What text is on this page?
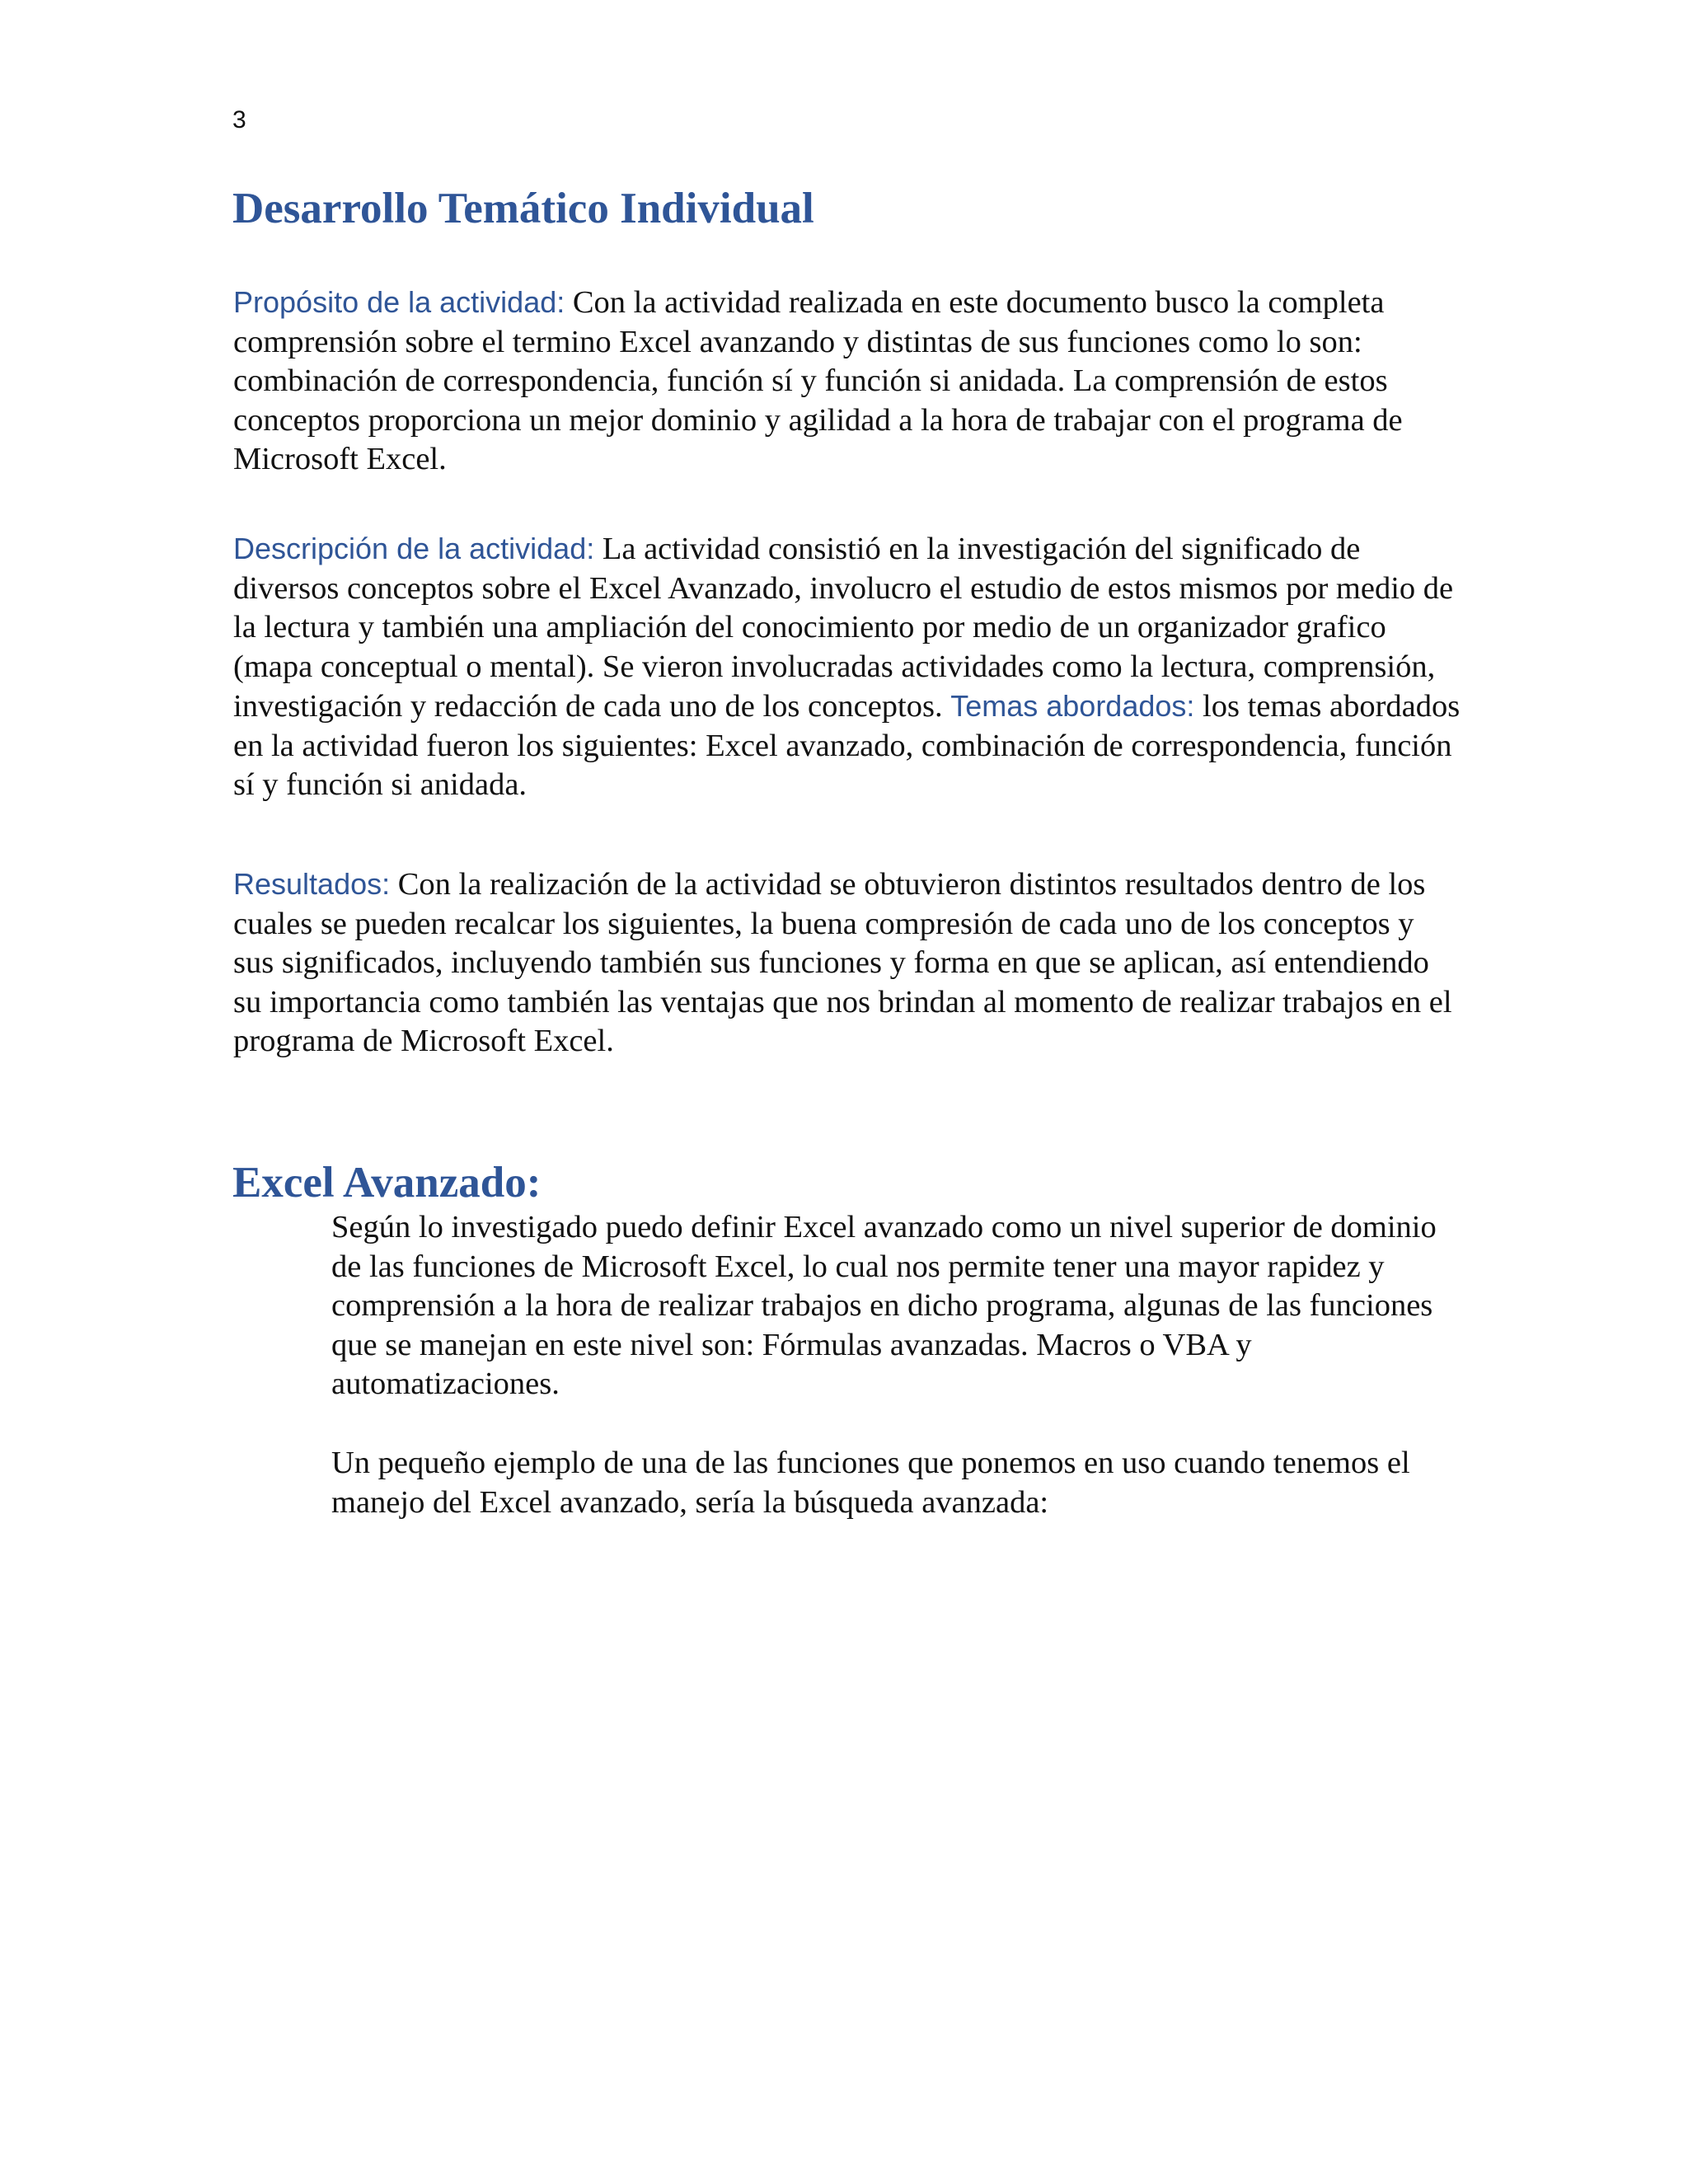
3
Desarrollo Temático Individual

Propósito de la actividad: Con la actividad realizada en este documento busco la completa comprensión sobre el termino Excel avanzando y distintas de sus funciones como lo son: combinación de correspondencia, función sí y función si anidada. La comprensión de estos conceptos proporciona un mejor dominio y agilidad a la hora de trabajar con el programa de Microsoft Excel.

Descripción de la actividad: La actividad consistió en la investigación del significado de diversos conceptos sobre el Excel Avanzado, involucro el estudio de estos mismos por medio de la lectura y también una ampliación del conocimiento por medio de un organizador grafico (mapa conceptual o mental). Se vieron involucradas actividades como la lectura, comprensión, investigación y redacción de cada uno de los conceptos. Temas abordados: los temas abordados en la actividad fueron los siguientes: Excel avanzado, combinación de correspondencia, función sí y función si anidada.

Resultados: Con la realización de la actividad se obtuvieron distintos resultados dentro de los cuales se pueden recalcar los siguientes, la buena compresión de cada uno de los conceptos y sus significados, incluyendo también sus funciones y forma en que se aplican, así entendiendo su importancia como también las ventajas que nos brindan al momento de realizar trabajos en el programa de Microsoft Excel.

Excel Avanzado:

Según lo investigado puedo definir Excel avanzado como un nivel superior de dominio de las funciones de Microsoft Excel, lo cual nos permite tener una mayor rapidez y comprensión a la hora de realizar trabajos en dicho programa, algunas de las funciones que se manejan en este nivel son: Fórmulas avanzadas. Macros o VBA y automatizaciones.

Un pequeño ejemplo de una de las funciones que ponemos en uso cuando tenemos el manejo del Excel avanzado, sería la búsqueda avanzada:
